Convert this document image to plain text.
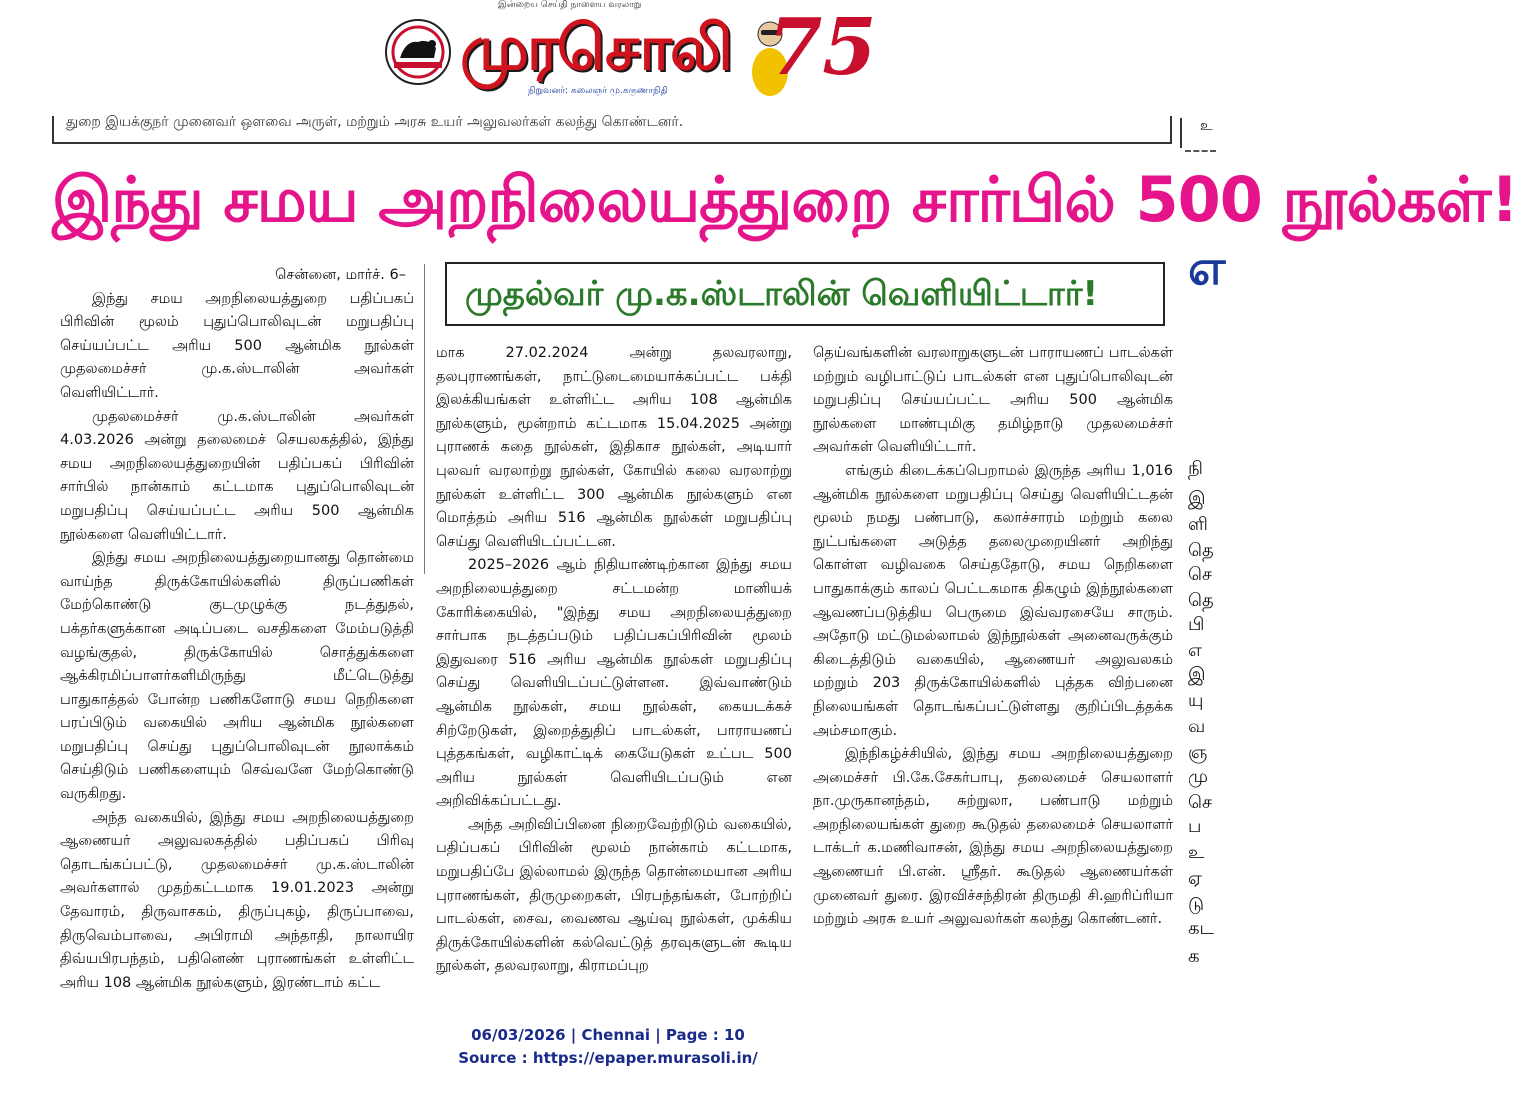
இன்றைய செய்தி நாளைய வரலாறு
முரசொலி 75
நிறுவனர்: கலைஞர் மு.கருணாநிதி
துறை இயக்குநர் முனைவர் ஒளவை அருள், மற்றும் அரசு உயர் அலுவலர்கள் கலந்து கொண்டனர்.	உ
இந்து சமய அறநிலையத்துறை சார்பில் 500 நூல்கள்!
முதல்வர் மு.க.ஸ்டாலின் வெளியிட்டார்!

சென்னை, மார்ச். 6–

இந்து சமய அறநிலையத்துறை பதிப்பகப் பிரிவின் மூலம் புதுப்பொலிவுடன் மறுபதிப்பு செய்யப்பட்ட அரிய 500 ஆன்மிக நூல்கள் முதலமைச்சர் மு.க.ஸ்டாலின் அவர்கள் வெளியிட்டார்.

முதலமைச்சர் மு.க.ஸ்டாலின் அவர்கள் 4.03.2026 அன்று தலைமைச் செயலகத்தில், இந்து சமய அறநிலையத்துறையின் பதிப்பகப் பிரிவின் சார்பில் நான்காம் கட்டமாக புதுப்பொலிவுடன் மறுபதிப்பு செய்யப்பட்ட அரிய 500 ஆன்மிக நூல்களை வெளியிட்டார்.

இந்து சமய அறநிலையத்துறையானது தொன்மை வாய்ந்த திருக்கோயில்களில் திருப்பணிகள் மேற்கொண்டு குடமுழுக்கு நடத்துதல், பக்தர்களுக்கான அடிப்படை வசதிகளை மேம்படுத்தி வழங்குதல், திருக்கோயில் சொத்துக்களை ஆக்கிரமிப்பாளர்களிமிருந்து மீட்டெடுத்து பாதுகாத்தல் போன்ற பணிகளோடு சமய நெறிகளை பரப்பிடும் வகையில் அரிய ஆன்மிக நூல்களை மறுபதிப்பு செய்து புதுப்பொலிவுடன் நூலாக்கம் செய்திடும் பணிகளையும் செவ்வனே மேற்கொண்டு வருகிறது.

அந்த வகையில், இந்து சமய அறநிலையத்துறை ஆணையர் அலுவலகத்தில் பதிப்பகப் பிரிவு தொடங்கப்பட்டு, முதலமைச்சர் மு.க.ஸ்டாலின் அவர்களால் முதற்கட்டமாக 19.01.2023 அன்று தேவாரம், திருவாசகம், திருப்புகழ், திருப்பாவை, திருவெம்பாவை, அபிராமி அந்தாதி, நாலாயிர திவ்யபிரபந்தம், பதினெண் புராணங்கள் உள்ளிட்ட அரிய 108 ஆன்மிக நூல்களும், இரண்டாம் கட்ட

மாக 27.02.2024 அன்று தலவரலாறு, தலபுராணங்கள், நாட்டுடைமையாக்கப்பட்ட பக்தி இலக்கியங்கள் உள்ளிட்ட அரிய 108 ஆன்மிக நூல்களும், மூன்றாம் கட்டமாக 15.04.2025 அன்று புராணக் கதை நூல்கள், இதிகாச நூல்கள், அடியார் புலவர் வரலாற்று நூல்கள், கோயில் கலை வரலாற்று நூல்கள் உள்ளிட்ட 300 ஆன்மிக நூல்களும் என மொத்தம் அரிய 516 ஆன்மிக நூல்கள் மறுபதிப்பு செய்து வெளியிடப்பட்டன.

2025–2026 ஆம் நிதியாண்டிற்கான இந்து சமய அறநிலையத்துறை சட்டமன்ற மானியக் கோரிக்கையில், "இந்து சமய அறநிலையத்துறை சார்பாக நடத்தப்படும் பதிப்பகப்பிரிவின் மூலம் இதுவரை 516 அரிய ஆன்மிக நூல்கள் மறுபதிப்பு செய்து வெளியிடப்பட்டுள்ளன. இவ்வாண்டும் ஆன்மிக நூல்கள், சமய நூல்கள், கையடக்கச் சிற்றேடுகள், இறைத்துதிப் பாடல்கள், பாராயணப் புத்தகங்கள், வழிகாட்டிக் கையேடுகள் உட்பட 500 அரிய நூல்கள் வெளியிடப்படும் என அறிவிக்கப்பட்டது.

அந்த அறிவிப்பினை நிறைவேற்றிடும் வகையில், பதிப்பகப் பிரிவின் மூலம் நான்காம் கட்டமாக, மறுபதிப்பே இல்லாமல் இருந்த தொன்மையான அரிய புராணங்கள், திருமுறைகள், பிரபந்தங்கள், போற்றிப் பாடல்கள், சைவ, வைணவ ஆய்வு நூல்கள், முக்கிய திருக்கோயில்களின் கல்வெட்டுத் தரவுகளுடன் கூடிய நூல்கள், தலவரலாறு, கிராமப்புற

தெய்வங்களின் வரலாறுகளுடன் பாராயணப் பாடல்கள் மற்றும் வழிபாட்டுப் பாடல்கள் என புதுப்பொலிவுடன் மறுபதிப்பு செய்யப்பட்ட அரிய 500 ஆன்மிக நூல்களை மாண்புமிகு தமிழ்நாடு முதலமைச்சர் அவர்கள் வெளியிட்டார்.

எங்கும் கிடைக்கப்பெறாமல் இருந்த அரிய 1,016 ஆன்மிக நூல்களை மறுபதிப்பு செய்து வெளியிட்டதன் மூலம் நமது பண்பாடு, கலாச்சாரம் மற்றும் கலை நுட்பங்களை அடுத்த தலைமுறையினர் அறிந்து கொள்ள வழிவகை செய்ததோடு, சமய நெறிகளை பாதுகாக்கும் காலப் பெட்டகமாக திகழும் இந்நூல்களை ஆவணப்படுத்திய பெருமை இவ்வரசையே சாரும். அதோடு மட்டுமல்லாமல் இந்நூல்கள் அனைவருக்கும் கிடைத்திடும் வகையில், ஆணையர் அலுவலகம் மற்றும் 203 திருக்கோயில்களில் புத்தக விற்பனை நிலையங்கள் தொடங்கப்பட்டுள்ளது குறிப்பிடத்தக்க அம்சமாகும்.

இந்நிகழ்ச்சியில், இந்து சமய அறநிலையத்துறை அமைச்சர் பி.கே.சேகர்பாபு, தலைமைச் செயலாளர் நா.முருகானந்தம், சுற்றுலா, பண்பாடு மற்றும் அறநிலையங்கள் துறை கூடுதல் தலைமைச் செயலாளர் டாக்டர் க.மணிவாசன், இந்து சமய அறநிலையத்துறை ஆணையர் பி.என். ஸ்ரீதர். கூடுதல் ஆணையர்கள் முனைவர் துரை. இரவிச்சந்திரன் திருமதி சி.ஹரிப்ரியா மற்றும் அரசு உயர் அலுவலர்கள் கலந்து கொண்டனர்.

எ
நி
இ
ளி
தெ
செ
தெ
பி
எ
இ
யு
வ
ஞ
மு
செ
ப
உ
ஏ
டு
கட
க
06/03/2026 | Chennai | Page : 10
Source : https://epaper.murasoli.in/
